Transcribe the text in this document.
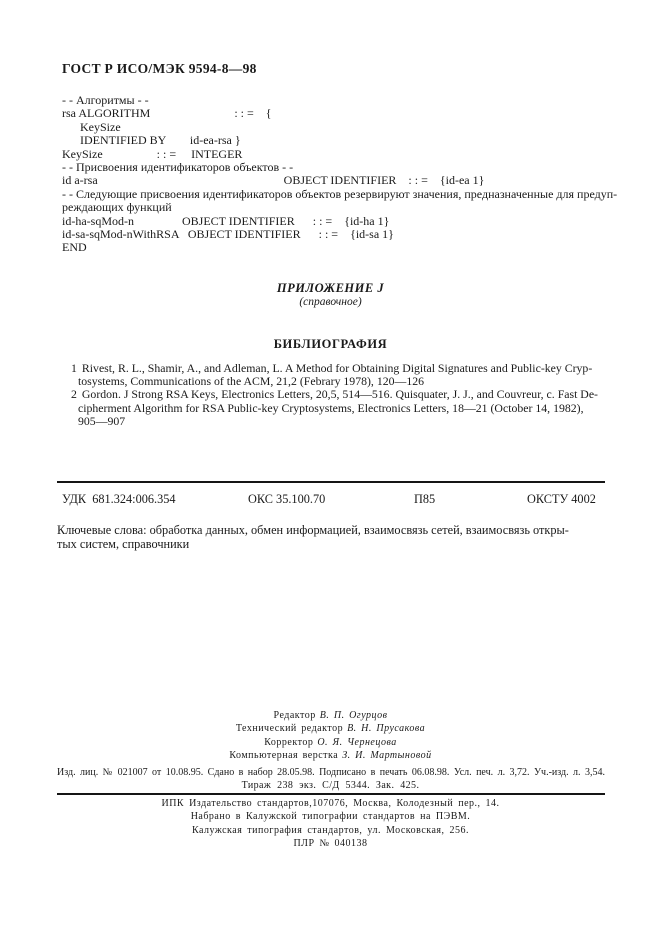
ГОСТ Р ИСО/МЭК 9594-8—98
- - Алгоритмы - -
rsa ALGORITHM                            : : =    {
KeySize
IDENTIFIED BY        id-ea-rsa }
KeySize                  : : =     INTEGER
- - Присвоения идентификаторов объектов - -
id a-rsa                                                              OBJECT IDENTIFIER    : : =    {id-ea 1}
- - Следующие присвоения идентификаторов объектов резервируют значения, предназначенные для предуп-
реждающих функций
id-ha-sqMod-n                OBJECT IDENTIFIER      : : =    {id-ha 1}
id-sa-sqMod-nWithRSA   OBJECT IDENTIFIER      : : =    {id-sa 1}
END
ПРИЛОЖЕНИЕ J
(справочное)
БИБЛИОГРАФИЯ
1 Rivest, R. L., Shamir, A., and Adleman, L. A Method for Obtaining Digital Signatures and Public-key Cryp-
tosystems, Communications of the ACM, 21,2 (Febrary 1978), 120—126
2 Gordon. J Strong RSA Keys, Electronics Letters, 20,5, 514—516. Quisquater, J. J., and Couvreur, c. Fast De-
cipherment Algorithm for RSA Public-key Cryptosystems, Electronics Letters, 18—21 (October 14, 1982),
905—907
УДК  681.324:006.354	ОКС 35.100.70	П85	ОКСТУ 4002
Ключевые слова: обработка данных, обмен информацией, взаимосвязь сетей, взаимосвязь откры-
тых систем, справочники
Редактор В. П. Огурцов
Технический редактор В. Н. Прусакова
Корректор О. Я. Чернецова
Компьютерная верстка З. И. Мартыновой
Изд. лиц. № 021007 от 10.08.95. Сдано в набор 28.05.98. Подписано в печать 06.08.98. Усл. печ. л. 3,72. Уч.-изд. л. 3,54.
Тираж 238 экз. С/Д 5344. Зак. 425.
ИПК Издательство стандартов,107076, Москва, Колодезный пер., 14.
Набрано в Калужской типографии стандартов на ПЭВМ.
Калужская типография стандартов, ул. Московская, 256.
ПЛР № 040138
